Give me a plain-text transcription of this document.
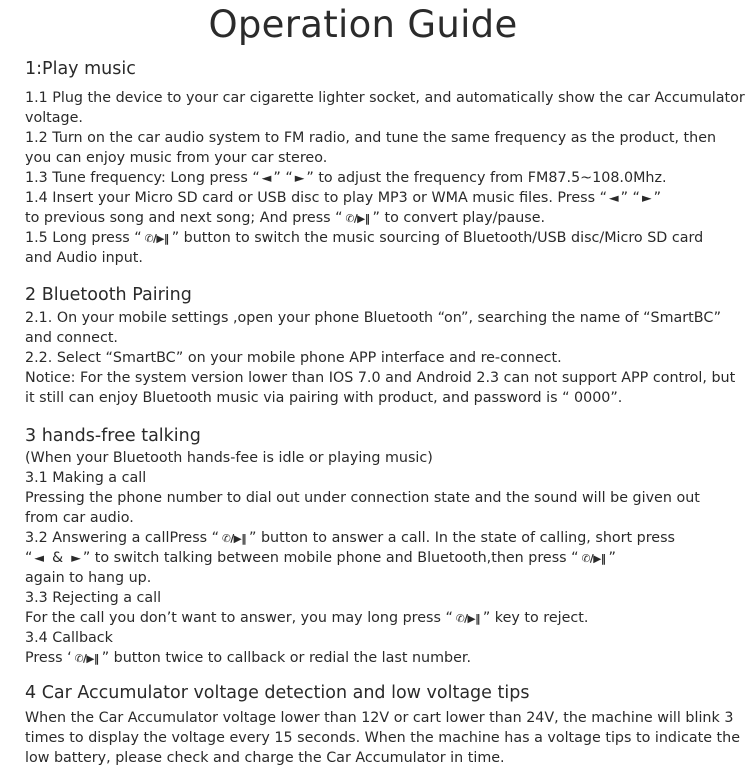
Operation Guide
1:Play music
1.1 Plug the device to your car cigarette lighter socket, and automatically show the car Accumulator
voltage.
1.2 Turn on the car audio system to FM radio, and tune the same frequency as the product, then
you can enjoy music from your car stereo.
1.3 Tune frequency: Long press “ ◄ ” “ ► ” to adjust the frequency from FM87.5~108.0Mhz.
1.4 Insert your Micro SD card or USB disc to play MP3 or WMA music files. Press “ ◄ ” “ ► ”
to previous song and next song; And press “ ✆/▶‖ ” to convert play/pause.
1.5 Long press “ ✆/▶‖ ” button to switch the music sourcing of Bluetooth/USB disc/Micro SD card
and Audio input.
2 Bluetooth Pairing
2.1. On your mobile settings ,open your phone Bluetooth “on”, searching the name of “SmartBC”
and connect.
2.2. Select “SmartBC” on your mobile phone APP interface and re-connect.
Notice: For the system version lower than IOS 7.0 and Android 2.3 can not support APP control, but
it still can enjoy Bluetooth music via pairing with product, and password is “ 0000”.
3 hands-free talking
(When your Bluetooth hands-fee is idle or playing music)
3.1 Making a call
Pressing the phone number to dial out under connection state and the sound will be given out
from car audio.
3.2 Answering a callPress “ ✆/▶‖ ” button to answer a call. In the state of calling, short press
“ ◄ & ► ” to switch talking between mobile phone and Bluetooth,then press “ ✆/▶‖ ”
again to hang up.
3.3 Rejecting a call
For the call you don’t want to answer, you may long press “ ✆/▶‖ ” key to reject.
3.4 Callback
Press ‘ ✆/▶‖ ” button twice to callback or redial the last number.
4 Car Accumulator voltage detection and low voltage tips
When the Car Accumulator voltage lower than 12V or cart lower than 24V, the machine will blink 3
times to display the voltage every 15 seconds. When the machine has a voltage tips to indicate the
low battery, please check and charge the Car Accumulator in time.
